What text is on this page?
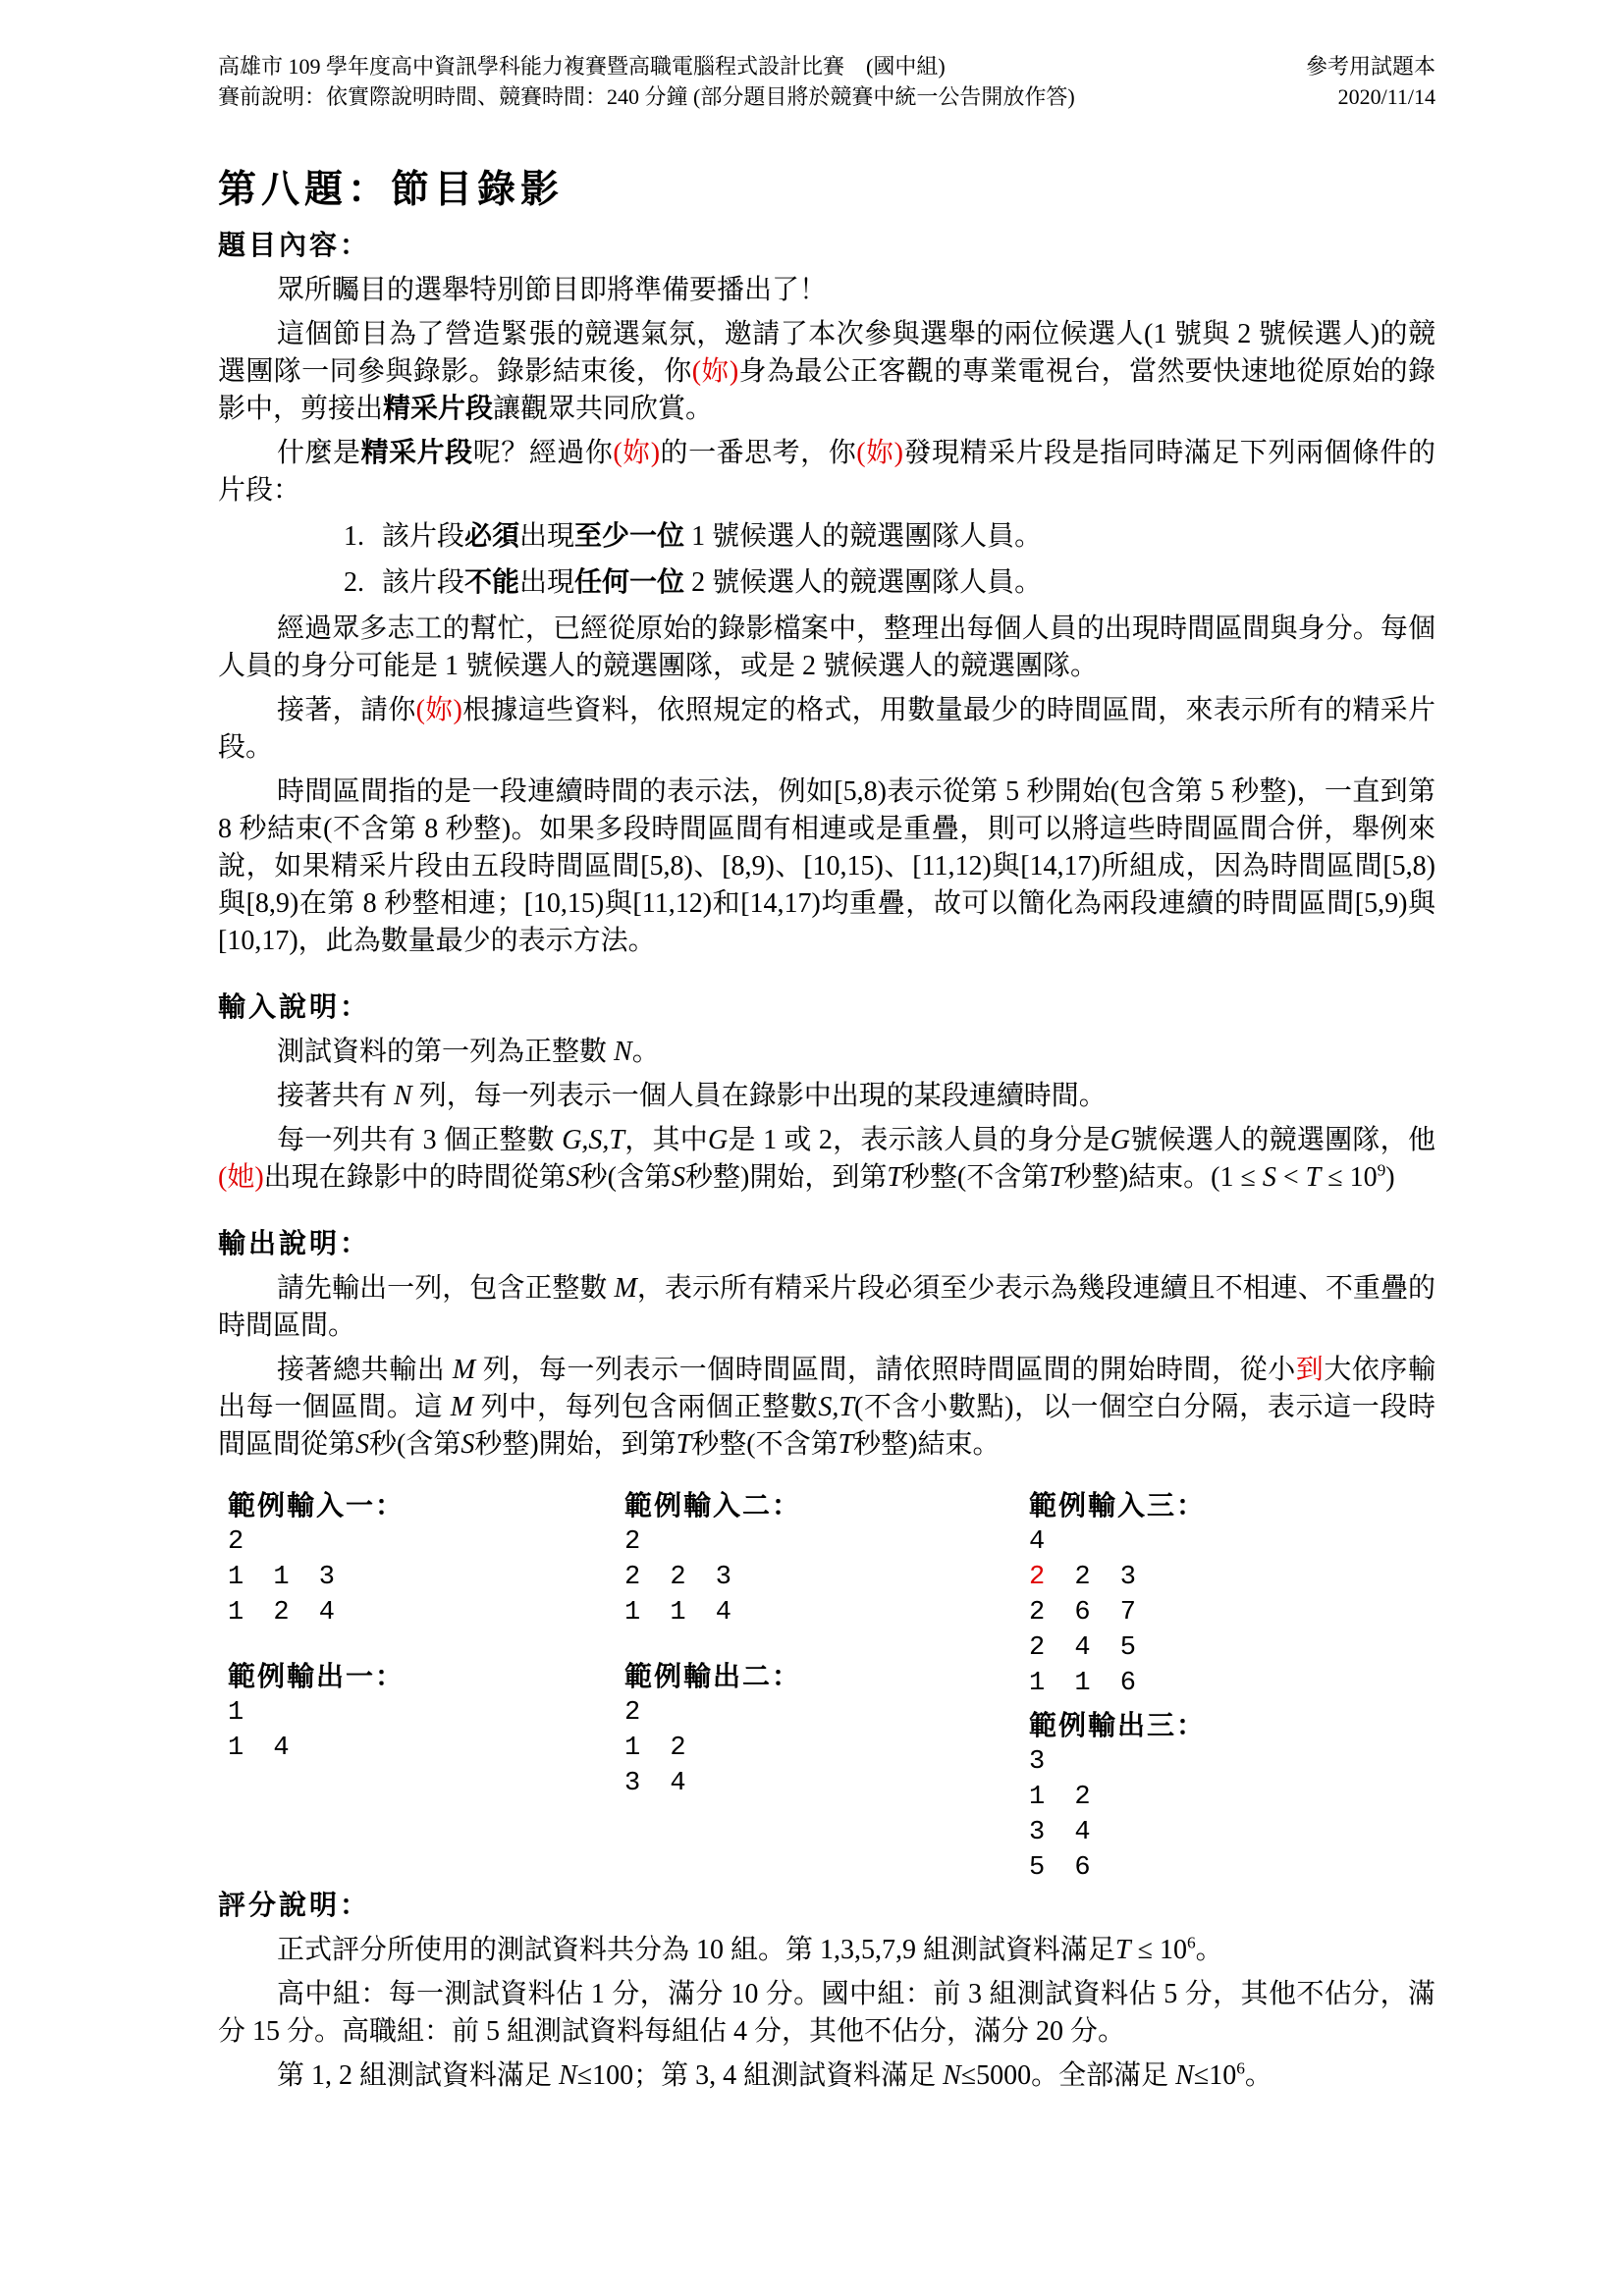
高雄市 109 學年度高中資訊學科能力複賽暨高職電腦程式設計比賽　(國中組)
賽前說明：依實際說明時間、競賽時間：240 分鐘 (部分題目將於競賽中統一公告開放作答)
參考用試題本
2020/11/14
第八題：節目錄影
題目內容：

眾所矚目的選舉特別節目即將準備要播出了！

這個節目為了營造緊張的競選氣氛，邀請了本次參與選舉的兩位候選人(1 號與 2 號候選人)的競選團隊一同參與錄影。錄影結束後，你(妳)身為最公正客觀的專業電視台，當然要快速地從原始的錄影中，剪接出精采片段讓觀眾共同欣賞。

什麼是精采片段呢？經過你(妳)的一番思考，你(妳)發現精采片段是指同時滿足下列兩個條件的片段：

1. 該片段必須出現至少一位 1 號候選人的競選團隊人員。
2. 該片段不能出現任何一位 2 號候選人的競選團隊人員。

經過眾多志工的幫忙，已經從原始的錄影檔案中，整理出每個人員的出現時間區間與身分。每個人員的身分可能是 1 號候選人的競選團隊，或是 2 號候選人的競選團隊。

接著，請你(妳)根據這些資料，依照規定的格式，用數量最少的時間區間，來表示所有的精采片段。

時間區間指的是一段連續時間的表示法，例如[5,8)表示從第 5 秒開始(包含第 5 秒整)，一直到第 8 秒結束(不含第 8 秒整)。如果多段時間區間有相連或是重疊，則可以將這些時間區間合併，舉例來說，如果精采片段由五段時間區間[5,8)、[8,9)、[10,15)、[11,12)與[14,17)所組成，因為時間區間[5,8)與[8,9)在第 8 秒整相連；[10,15)與[11,12)和[14,17)均重疊，故可以簡化為兩段連續的時間區間[5,9)與[10,17)，此為數量最少的表示方法。

輸入說明：

測試資料的第一列為正整數 N。

接著共有 N 列，每一列表示一個人員在錄影中出現的某段連續時間。

每一列共有 3 個正整數 G,S,T，其中G是 1 或 2，表示該人員的身分是G號候選人的競選團隊，他(她)出現在錄影中的時間從第S秒(含第S秒整)開始，到第T秒整(不含第T秒整)結束。$(1 \le S < T \le 10^9)$

輸出說明：

請先輸出一列，包含正整數 M，表示所有精采片段必須至少表示為幾段連續且不相連、不重疊的時間區間。

接著總共輸出 M 列，每一列表示一個時間區間，請依照時間區間的開始時間，從小到大依序輸出每一個區間。這 M 列中，每列包含兩個正整數S,T(不含小數點)，以一個空白分隔，表示這一段時間區間從第S秒(含第S秒整)開始，到第T秒整(不含第T秒整)結束。

範例輸入一：
2
1 1 3
1 2 4
範例輸出一：
1
1 4
範例輸入二：
2
2 2 3
1 1 4
範例輸出二：
2
1 2
3 4
範例輸入三：
4
2 2 3
2 6 7
2 4 5
1 1 6
範例輸出三：
3
1 2
3 4
5 6
評分說明：

正式評分所使用的測試資料共分為 10 組。第 1,3,5,7,9 組測試資料滿足$T \le 10^6$。

高中組：每一測試資料佔 1 分，滿分 10 分。國中組：前 3 組測試資料佔 5 分，其他不佔分，滿分 15 分。高職組：前 5 組測試資料每組佔 4 分，其他不佔分，滿分 20 分。

第 1, 2 組測試資料滿足 N≤100；第 3, 4 組測試資料滿足 N≤5000。全部滿足 $N\le 10^6$。
